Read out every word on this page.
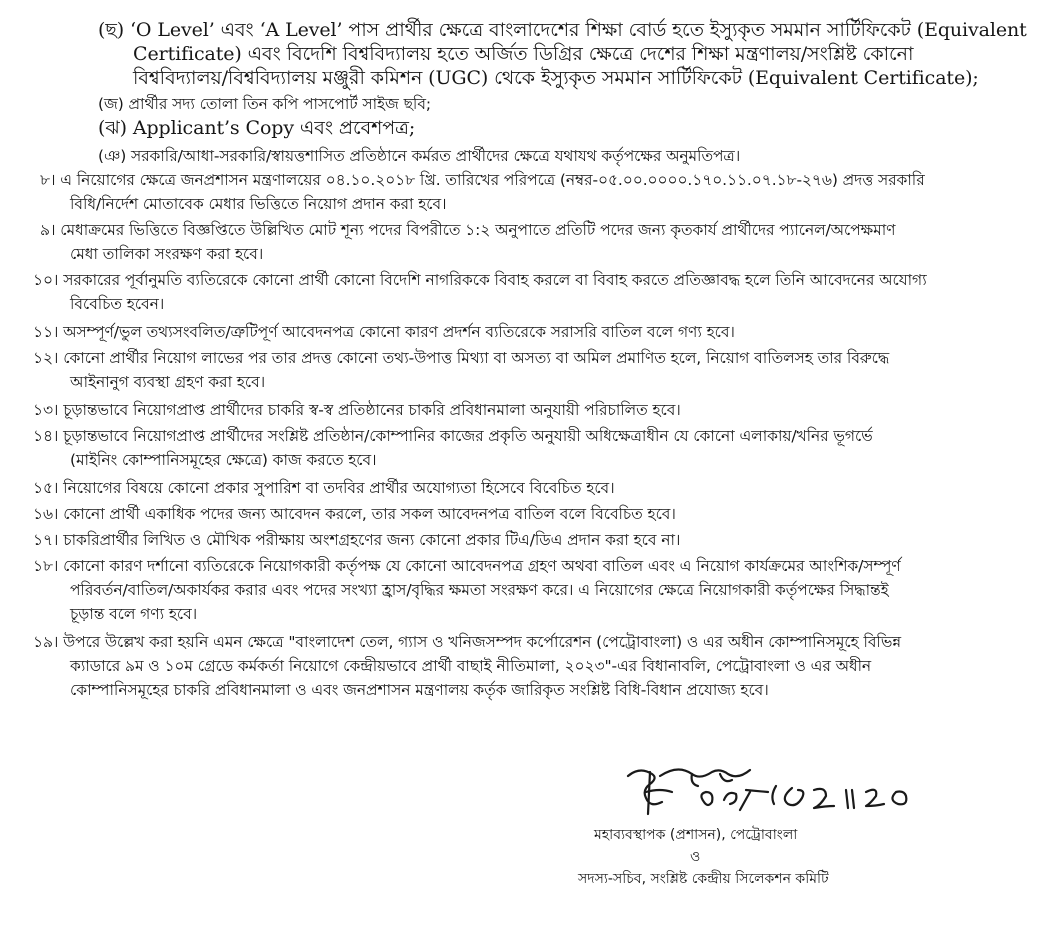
(ছ) ‘O Level’ এবং ‘A Level’ পাস প্রার্থীর ক্ষেত্রে বাংলাদেশের শিক্ষা বোর্ড হতে ইস্যুকৃত সমমান সার্টিফিকেট (Equivalent
Certificate) এবং বিদেশি বিশ্ববিদ্যালয় হতে অর্জিত ডিগ্রির ক্ষেত্রে দেশের শিক্ষা মন্ত্রণালয়/সংশ্লিষ্ট কোনো
বিশ্ববিদ্যালয়/বিশ্ববিদ্যালয় মঞ্জুরী কমিশন (UGC) থেকে ইস্যুকৃত সমমান সার্টিফিকেট (Equivalent Certificate);
(জ) প্রার্থীর সদ্য তোলা তিন কপি পাসপোর্ট সাইজ ছবি;
(ঝ) Applicant’s Copy এবং প্রবেশপত্র;
(ঞ) সরকারি/আধা-সরকারি/স্বায়ত্তশাসিত প্রতিষ্ঠানে কর্মরত প্রার্থীদের ক্ষেত্রে যথাযথ কর্তৃপক্ষের অনুমতিপত্র।
৮। এ নিয়োগের ক্ষেত্রে জনপ্রশাসন মন্ত্রণালয়ের ০৪.১০.২০১৮ খ্রি. তারিখের পরিপত্রে (নম্বর-০৫.০০.০০০০.১৭০.১১.০৭.১৮-২৭৬) প্রদত্ত সরকারি
বিধি/নির্দেশ মোতাবেক মেধার ভিত্তিতে নিয়োগ প্রদান করা হবে।
৯। মেধাক্রমের ভিত্তিতে বিজ্ঞপ্তিতে উল্লিখিত মোট শূন্য পদের বিপরীতে ১:২ অনুপাতে প্রতিটি পদের জন্য কৃতকার্য প্রার্থীদের প্যানেল/অপেক্ষমাণ
মেধা তালিকা সংরক্ষণ করা হবে।
১০। সরকারের পূর্বানুমতি ব্যতিরেকে কোনো প্রার্থী কোনো বিদেশি নাগরিককে বিবাহ করলে বা বিবাহ করতে প্রতিজ্ঞাবদ্ধ হলে তিনি আবেদনের অযোগ্য
বিবেচিত হবেন।
১১। অসম্পূর্ণ/ভুল তথ্যসংবলিত/ত্রুটিপূর্ণ আবেদনপত্র কোনো কারণ প্রদর্শন ব্যতিরেকে সরাসরি বাতিল বলে গণ্য হবে।
১২। কোনো প্রার্থীর নিয়োগ লাভের পর তার প্রদত্ত কোনো তথ্য-উপাত্ত মিথ্যা বা অসত্য বা অমিল প্রমাণিত হলে, নিয়োগ বাতিলসহ তার বিরুদ্ধে
আইনানুগ ব্যবস্থা গ্রহণ করা হবে।
১৩। চূড়ান্তভাবে নিয়োগপ্রাপ্ত প্রার্থীদের চাকরি স্ব-স্ব প্রতিষ্ঠানের চাকরি প্রবিধানমালা অনুযায়ী পরিচালিত হবে।
১৪। চূড়ান্তভাবে নিয়োগপ্রাপ্ত প্রার্থীদের সংশ্লিষ্ট প্রতিষ্ঠান/কোম্পানির কাজের প্রকৃতি অনুযায়ী অধিক্ষেত্রাধীন যে কোনো এলাকায়/খনির ভূগর্ভে
(মাইনিং কোম্পানিসমূহের ক্ষেত্রে) কাজ করতে হবে।
১৫। নিয়োগের বিষয়ে কোনো প্রকার সুপারিশ বা তদবির প্রার্থীর অযোগ্যতা হিসেবে বিবেচিত হবে।
১৬। কোনো প্রার্থী একাধিক পদের জন্য আবেদন করলে, তার সকল আবেদনপত্র বাতিল বলে বিবেচিত হবে।
১৭। চাকরিপ্রার্থীর লিখিত ও মৌখিক পরীক্ষায় অংশগ্রহণের জন্য কোনো প্রকার টিএ/ডিএ প্রদান করা হবে না।
১৮। কোনো কারণ দর্শানো ব্যতিরেকে নিয়োগকারী কর্তৃপক্ষ যে কোনো আবেদনপত্র গ্রহণ অথবা বাতিল এবং এ নিয়োগ কার্যক্রমের আংশিক/সম্পূর্ণ
পরিবর্তন/বাতিল/অকার্যকর করার এবং পদের সংখ্যা হ্রাস/বৃদ্ধির ক্ষমতা সংরক্ষণ করে। এ নিয়োগের ক্ষেত্রে নিয়োগকারী কর্তৃপক্ষের সিদ্ধান্তই
চূড়ান্ত বলে গণ্য হবে।
১৯। উপরে উল্লেখ করা হয়নি এমন ক্ষেত্রে "বাংলাদেশ তেল, গ্যাস ও খনিজসম্পদ কর্পোরেশন (পেট্রোবাংলা) ও এর অধীন কোম্পানিসমূহে বিভিন্ন
ক্যাডারে ৯ম ও ১০ম গ্রেডে কর্মকর্তা নিয়োগে কেন্দ্রীয়ভাবে প্রার্থী বাছাই নীতিমালা, ২০২৩"-এর বিধানাবলি, পেট্রোবাংলা ও এর অধীন
কোম্পানিসমূহের চাকরি প্রবিধানমালা ও এবং জনপ্রশাসন মন্ত্রণালয় কর্তৃক জারিকৃত সংশ্লিষ্ট বিধি-বিধান প্রযোজ্য হবে।
মহাব্যবস্থাপক (প্রশাসন), পেট্রোবাংলা
ও
সদস্য-সচিব, সংশ্লিষ্ট কেন্দ্রীয় সিলেকশন কমিটি
